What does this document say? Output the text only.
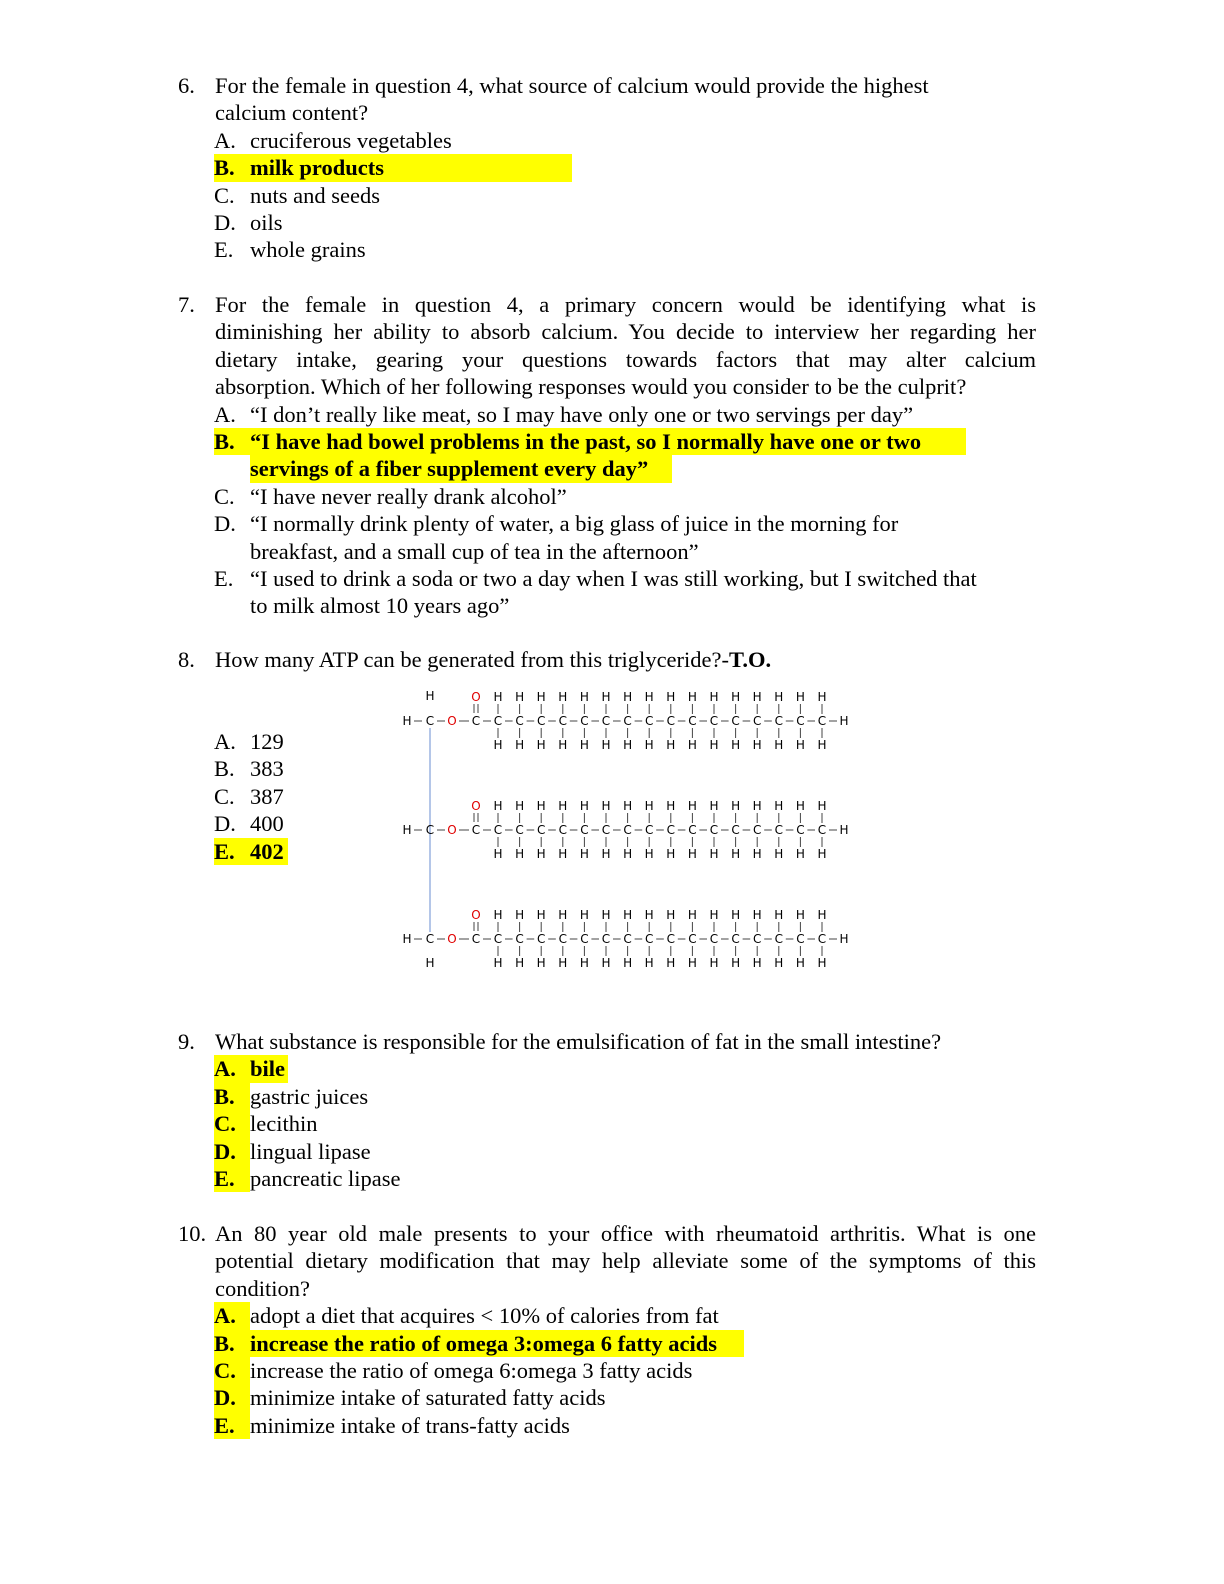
6. For the female in question 4, what source of calcium would provide the highest
calcium content?
A. cruciferous vegetables
B. milk products
C. nuts and seeds
D. oils
E. whole grains
7. For the female in question 4, a primary concern would be identifying what is
diminishing her ability to absorb calcium. You decide to interview her regarding her
dietary intake, gearing your questions towards factors that may alter calcium
absorption. Which of her following responses would you consider to be the culprit?
A. “I don’t really like meat, so I may have only one or two servings per day”
B. “I have had bowel problems in the past, so I normally have one or two
servings of a fiber supplement every day”
C. “I have never really drank alcohol”
D. “I normally drink plenty of water, a big glass of juice in the morning for
breakfast, and a small cup of tea in the afternoon”
E. “I used to drink a soda or two a day when I was still working, but I switched that
to milk almost 10 years ago”
8. How many ATP can be generated from this triglyceride?-T.O.
A. 129
B. 383
C. 387
D. 400
E. 402
H
H
H C O
O
C C
H
H
C
H
H
C
H
H
C
H
H
C
H
H
C
H
H
C
H
H
C
H
H
C
H
H
C
H
H
C
H
H
C
H
H
C
H
H
C
H
H
C
H
H
C
H
H
H
H C O
O
C C
H
H
C
H
H
C
H
H
C
H
H
C
H
H
C
H
H
C
H
H
C
H
H
C
H
H
C
H
H
C
H
H
C
H
H
C
H
H
C
H
H
C
H
H
C
H
H
H
H C O
O
C C
H
H
C
H
H
C
H
H
C
H
H
C
H
H
C
H
H
C
H
H
C
H
H
C
H
H
C
H
H
C
H
H
C
H
H
C
H
H
C
H
H
C
H
H
C
H
H
H
9. What substance is responsible for the emulsification of fat in the small intestine?
A. bile
B. gastric juices
C. lecithin
D. lingual lipase
E. pancreatic lipase
10. An 80 year old male presents to your office with rheumatoid arthritis. What is one
potential dietary modification that may help alleviate some of the symptoms of this
condition?
A. adopt a diet that acquires < 10% of calories from fat
B. increase the ratio of omega 3:omega 6 fatty acids
C. increase the ratio of omega 6:omega 3 fatty acids
D. minimize intake of saturated fatty acids
E. minimize intake of trans-fatty acids
